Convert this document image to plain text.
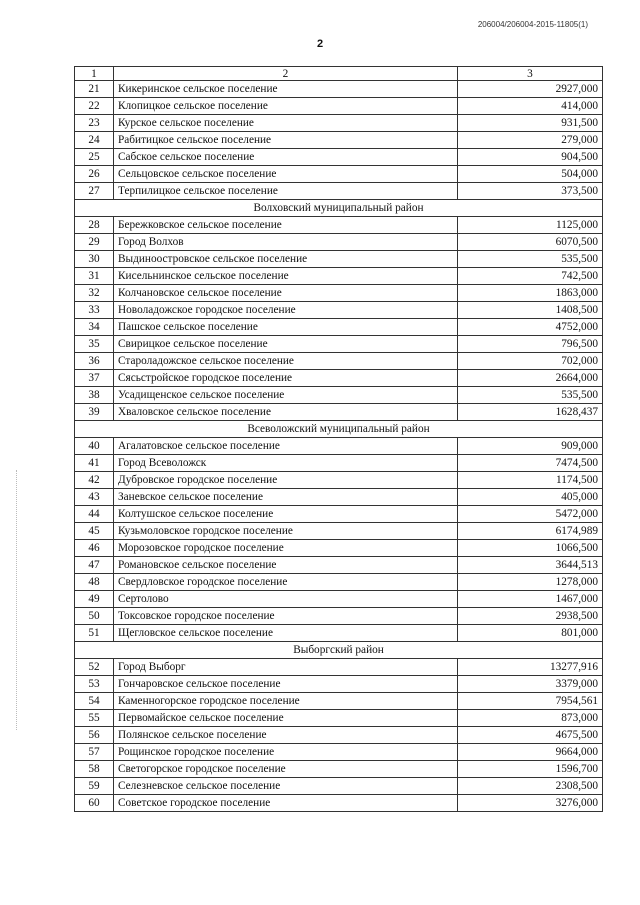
206004/206004-2015-11805(1)
2
1	2	3
21	Кикеринское сельское поселение	2927,000
22	Клопицкое сельское поселение	414,000
23	Курское сельское поселение	931,500
24	Рабитицкое сельское поселение	279,000
25	Сабское сельское поселение	904,500
26	Сельцовское сельское поселение	504,000
27	Терпилицкое сельское поселение	373,500
Волховский муниципальный район		
28	Бережковское сельское поселение	1125,000
29	Город Волхов	6070,500
30	Выдиноостровское сельское поселение	535,500
31	Кисельнинское сельское поселение	742,500
32	Колчановское сельское поселение	1863,000
33	Новоладожское городское поселение	1408,500
34	Пашское сельское поселение	4752,000
35	Свирицкое сельское поселение	796,500
36	Староладожское сельское поселение	702,000
37	Сясьстройское городское поселение	2664,000
38	Усадищенское сельское поселение	535,500
39	Хваловское сельское поселение	1628,437
Всеволожский муниципальный район		
40	Агалатовское сельское поселение	909,000
41	Город Всеволожск	7474,500
42	Дубровское городское поселение	1174,500
43	Заневское сельское поселение	405,000
44	Колтушское сельское поселение	5472,000
45	Кузьмоловское городское поселение	6174,989
46	Морозовское городское поселение	1066,500
47	Романовское сельское поселение	3644,513
48	Свердловское городское поселение	1278,000
49	Сертолово	1467,000
50	Токсовское городское поселение	2938,500
51	Щегловское сельское поселение	801,000
Выборгский район		
52	Город Выборг	13277,916
53	Гончаровское сельское поселение	3379,000
54	Каменногорское городское поселение	7954,561
55	Первомайское сельское поселение	873,000
56	Полянское сельское поселение	4675,500
57	Рощинское городское поселение	9664,000
58	Светогорское городское поселение	1596,700
59	Селезневское сельское поселение	2308,500
60	Советское городское поселение	3276,000
